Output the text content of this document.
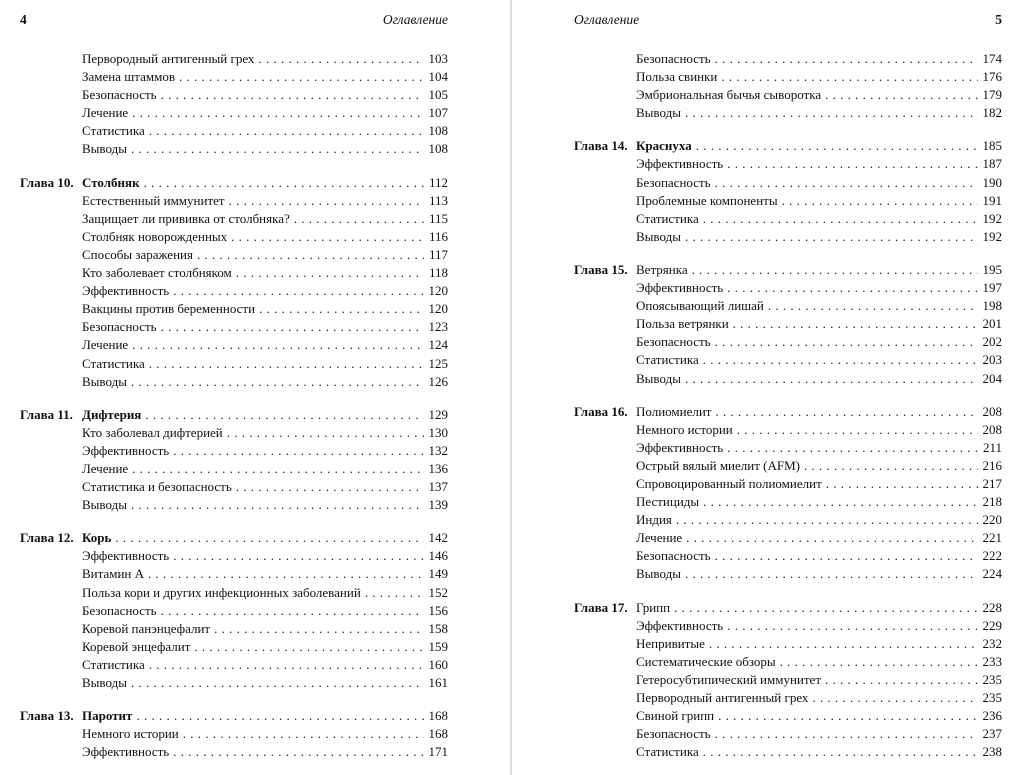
4	Оглавление
Первородный антигенный грех . . .	103
Замена штаммов . . .	104
Безопасность . . .	105
Лечение . . .	107
Статистика . . .	108
Выводы . . .	108
Глава 10. Столбняк . . .	112
Естественный иммунитет . . .	113
Защищает ли прививка от столбняка? . . .	115
Столбняк новорожденных . . .	116
Способы заражения . . .	117
Кто заболевает столбняком . . .	118
Эффективность . . .	120
Вакцины против беременности . . .	120
Безопасность . . .	123
Лечение . . .	124
Статистика . . .	125
Выводы . . .	126
Глава 11. Дифтерия . . .	129
Кто заболевал дифтерией . . .	130
Эффективность . . .	132
Лечение . . .	136
Статистика и безопасность . . .	137
Выводы . . .	139
Глава 12. Корь . . .	142
Эффективность . . .	146
Витамин А . . .	149
Польза кори и других инфекционных заболеваний . . .	152
Безопасность . . .	156
Коревой панэнцефалит . . .	158
Коревой энцефалит . . .	159
Статистика . . .	160
Выводы . . .	161
Глава 13. Паротит . . .	168
Немного истории . . .	168
Эффективность . . .	171
Оглавление	5
Безопасность . . .	174
Польза свинки . . .	176
Эмбриональная бычья сыворотка . . .	179
Выводы . . .	182
Глава 14. Краснуха . . .	185
Эффективность . . .	187
Безопасность . . .	190
Проблемные компоненты . . .	191
Статистика . . .	192
Выводы . . .	192
Глава 15. Ветрянка . . .	195
Эффективность . . .	197
Опоясывающий лишай . . .	198
Польза ветрянки . . .	201
Безопасность . . .	202
Статистика . . .	203
Выводы . . .	204
Глава 16. Полиомиелит . . .	208
Немного истории . . .	208
Эффективность . . .	211
Острый вялый миелит (AFM) . . .	216
Спровоцированный полиомиелит . . .	217
Пестициды . . .	218
Индия . . .	220
Лечение . . .	221
Безопасность . . .	222
Выводы . . .	224
Глава 17. Грипп . . .	228
Эффективность . . .	229
Непривитые . . .	232
Систематические обзоры . . .	233
Гетеросубтипический иммунитет . . .	235
Первородный антигенный грех . . .	235
Свиной грипп . . .	236
Безопасность . . .	237
Статистика . . .	238
